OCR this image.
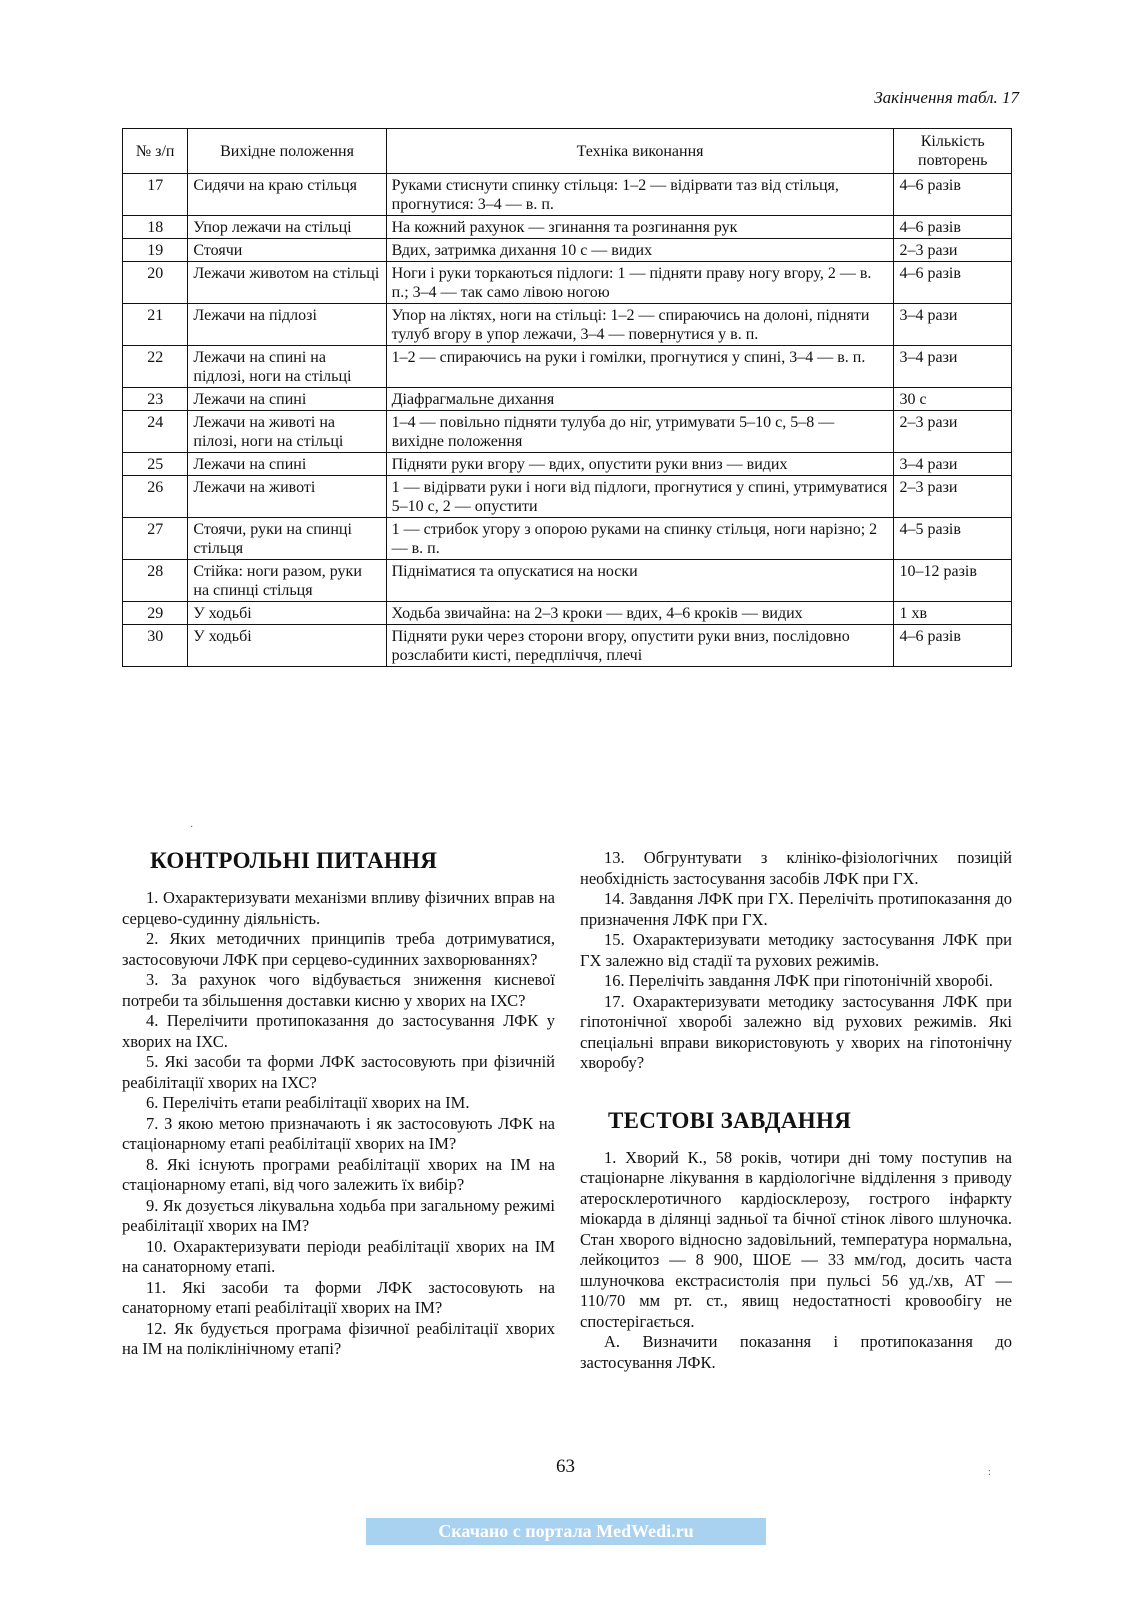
Закінчення табл. 17
№ з/п	Вихідне положення	Техніка виконання	Кількість повторень
17	Сидячи на краю стільця	Руками стиснути спинку стільця: 1–2 — відірвати таз від стільця, прогнутися: 3–4 — в. п.	4–6 разів
18	Упор лежачи на стільці	На кожний рахунок — згинання та розгинання рук	4–6 разів
19	Стоячи	Вдих, затримка дихання 10 с — видих	2–3 рази
20	Лежачи животом на стільці	Ноги і руки торкаються підлоги: 1 — підняти праву ногу вгору, 2 — в. п.; 3–4 — так само лівою ногою	4–6 разів
21	Лежачи на підлозі	Упор на ліктях, ноги на стільці: 1–2 — спираючись на долоні, підняти тулуб вгору в упор лежачи, 3–4 — повернутися у в. п.	3–4 рази
22	Лежачи на спині на підлозі, ноги на стільці	1–2 — спираючись на руки і гомілки, прогнутися у спині, 3–4 — в. п.	3–4 рази
23	Лежачи на спині	Діафрагмальне дихання	30 с
24	Лежачи на животі на пілозі, ноги на стільці	1–4 — повільно підняти тулуба до ніг, утримувати 5–10 с, 5–8 — вихідне положення	2–3 рази
25	Лежачи на спині	Підняти руки вгору — вдих, опустити руки вниз — видих	3–4 рази
26	Лежачи на животі	1 — відірвати руки і ноги від підлоги, прогнутися у спині, утримуватися 5–10 с, 2 — опустити	2–3 рази
27	Стоячи, руки на спинці стільця	1 — стрибок угору з опорою руками на спинку стільця, ноги нарізно; 2 — в. п.	4–5 разів
28	Стійка: ноги разом, руки на спинці стільця	Підніматися та опускатися на носки	10–12 разів
29	У ходьбі	Ходьба звичайна: на 2–3 кроки — вдих, 4–6 кроків — видих	1 хв
30	У ходьбі	Підняти руки через сторони вгору, опустити руки вниз, послідовно розслабити кисті, передпліччя, плечі	4–6 разів
КОНТРОЛЬНІ ПИТАННЯ

1. Охарактеризувати механізми впливу фізичних вправ на серцево-судинну діяльність.

2. Яких методичних принципів треба дотримуватися, застосовуючи ЛФК при серцево-судинних захворюваннях?

3. За рахунок чого відбувається зниження кисневої потреби та збільшення доставки кисню у хворих на ІХС?

4. Перелічити протипоказання до застосування ЛФК у хворих на ІХС.

5. Які засоби та форми ЛФК застосовують при фізичній реабілітації хворих на ІХС?

6. Перелічіть етапи реабілітації хворих на ІМ.

7. З якою метою призначають і як застосовують ЛФК на стаціонарному етапі реабілітації хворих на ІМ?

8. Які існують програми реабілітації хворих на ІМ на стаціонарному етапі, від чого залежить їх вибір?

9. Як дозується лікувальна ходьба при загальному режимі реабілітації хворих на ІМ?

10. Охарактеризувати періоди реабілітації хворих на ІМ на санаторному етапі.

11. Які засоби та форми ЛФК застосовують на санаторному етапі реабілітації хворих на ІМ?

12. Як будується програма фізичної реабілітації хворих на ІМ на поліклінічному етапі?

13. Обгрунтувати з клініко-фізіологічних позицій необхідність застосування засобів ЛФК при ГХ.

14. Завдання ЛФК при ГХ. Перелічіть протипоказання до призначення ЛФК при ГХ.

15. Охарактеризувати методику застосування ЛФК при ГХ залежно від стадії та рухових режимів.

16. Перелічіть завдання ЛФК при гіпотонічній хворобі.

17. Охарактеризувати методику застосування ЛФК при гіпотонічної хворобі залежно від рухових режимів. Які спеціальні вправи використовують у хворих на гіпотонічну хворобу?

ТЕСТОВІ ЗАВДАННЯ

1. Хворий К., 58 років, чотири дні тому поступив на стаціонарне лікування в кардіологічне відділення з приводу атеросклеротичного кардіосклерозу, гострого інфаркту міокарда в ділянці задньої та бічної стінок лівого шлуночка. Стан хворого відносно задовільний, температура нормальна, лейкоцитоз — 8 900, ШОЕ — 33 мм/год, досить часта шлуночкова екстрасистолія при пульсі 56 уд./хв, АТ — 110/70 мм рт. ст., явищ недостатності кровообігу не спостерігається.

А. Визначити показання і протипоказання до застосування ЛФК.

63
Скачано с портала MedWedi.ru
·
:
